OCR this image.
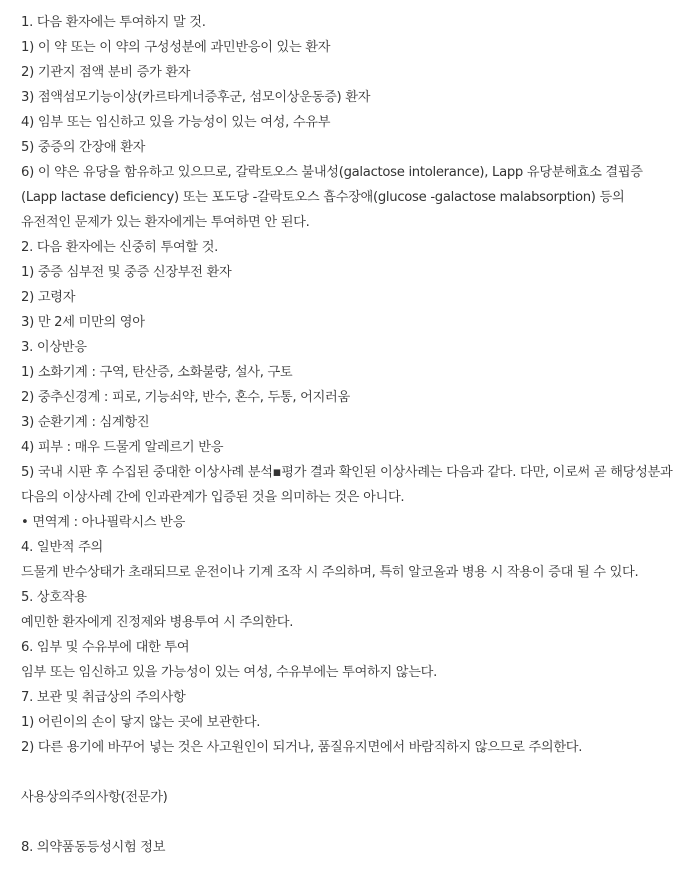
1. 다음 환자에는 투여하지 말 것.
1) 이 약 또는 이 약의 구성성분에 과민반응이 있는 환자
2) 기관지 점액 분비 증가 환자
3) 점액섬모기능이상(카르타게너증후군, 섬모이상운동증) 환자
4) 임부 또는 임신하고 있을 가능성이 있는 여성, 수유부
5) 중증의 간장애 환자
6) 이 약은 유당을 함유하고 있으므로, 갈락토오스 불내성(galactose intolerance), Lapp 유당분해효소 결핍증(Lapp lactase deficiency) 또는 포도당 -갈락토오스 흡수장애(glucose -galactose malabsorption) 등의 유전적인 문제가 있는 환자에게는 투여하면 안 된다.
2. 다음 환자에는 신중히 투여할 것.
1) 중증 심부전 및 중증 신장부전 환자
2) 고령자
3) 만 2세 미만의 영아
3. 이상반응
1) 소화기계 : 구역, 탄산증, 소화불량, 설사, 구토
2) 중추신경계 : 피로, 기능쇠약, 반수, 혼수, 두통, 어지러움
3) 순환기계 : 심계항진
4) 피부 : 매우 드물게 알레르기 반응
5) 국내 시판 후 수집된 중대한 이상사례 분석▪평가 결과 확인된 이상사례는 다음과 같다. 다만, 이로써 곧 해당성분과 다음의 이상사례 간에 인과관계가 입증된 것을 의미하는 것은 아니다.
• 면역계 : 아나필락시스 반응
4. 일반적 주의
드물게 반수상태가 초래되므로 운전이나 기계 조작 시 주의하며, 특히 알코올과 병용 시 작용이 증대 될 수 있다.
5. 상호작용
예민한 환자에게 진정제와 병용투여 시 주의한다.
6. 임부 및 수유부에 대한 투여
임부 또는 임신하고 있을 가능성이 있는 여성, 수유부에는 투여하지 않는다.
7. 보관 및 취급상의 주의사항
1) 어린이의 손이 닿지 않는 곳에 보관한다.
2) 다른 용기에 바꾸어 넣는 것은 사고원인이 되거나, 품질유지면에서 바람직하지 않으므로 주의한다.
사용상의주의사항(전문가)
8. 의약품동등성시험 정보
